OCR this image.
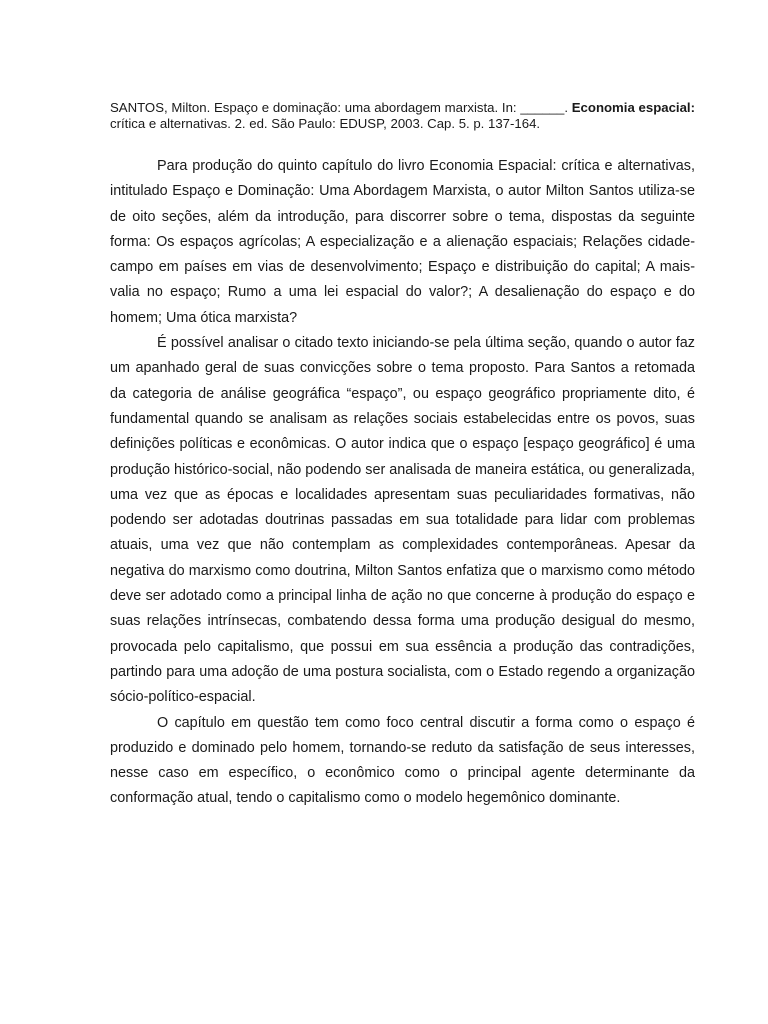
SANTOS, Milton. Espaço e dominação: uma abordagem marxista. In: ______. Economia espacial: crítica e alternativas. 2. ed. São Paulo: EDUSP, 2003. Cap. 5. p. 137-164.

Para produção do quinto capítulo do livro Economia Espacial: crítica e alternativas, intitulado Espaço e Dominação: Uma Abordagem Marxista, o autor Milton Santos utiliza-se de oito seções, além da introdução, para discorrer sobre o tema, dispostas da seguinte forma: Os espaços agrícolas; A especialização e a alienação espaciais; Relações cidade-campo em países em vias de desenvolvimento; Espaço e distribuição do capital; A mais-valia no espaço; Rumo a uma lei espacial do valor?; A desalienação do espaço e do homem; Uma ótica marxista?

É possível analisar o citado texto iniciando-se pela última seção, quando o autor faz um apanhado geral de suas convicções sobre o tema proposto. Para Santos a retomada da categoria de análise geográfica “espaço”, ou espaço geográfico propriamente dito, é fundamental quando se analisam as relações sociais estabelecidas entre os povos, suas definições políticas e econômicas. O autor indica que o espaço [espaço geográfico] é uma produção histórico-social, não podendo ser analisada de maneira estática, ou generalizada, uma vez que as épocas e localidades apresentam suas peculiaridades formativas, não podendo ser adotadas doutrinas passadas em sua totalidade para lidar com problemas atuais, uma vez que não contemplam as complexidades contemporâneas. Apesar da negativa do marxismo como doutrina, Milton Santos enfatiza que o marxismo como método deve ser adotado como a principal linha de ação no que concerne à produção do espaço e suas relações intrínsecas, combatendo dessa forma uma produção desigual do mesmo, provocada pelo capitalismo, que possui em sua essência a produção das contradições, partindo para uma adoção de uma postura socialista, com o Estado regendo a organização sócio-político-espacial.

O capítulo em questão tem como foco central discutir a forma como o espaço é produzido e dominado pelo homem, tornando-se reduto da satisfação de seus interesses, nesse caso em específico, o econômico como o principal agente determinante da conformação atual, tendo o capitalismo como o modelo hegemônico dominante.
